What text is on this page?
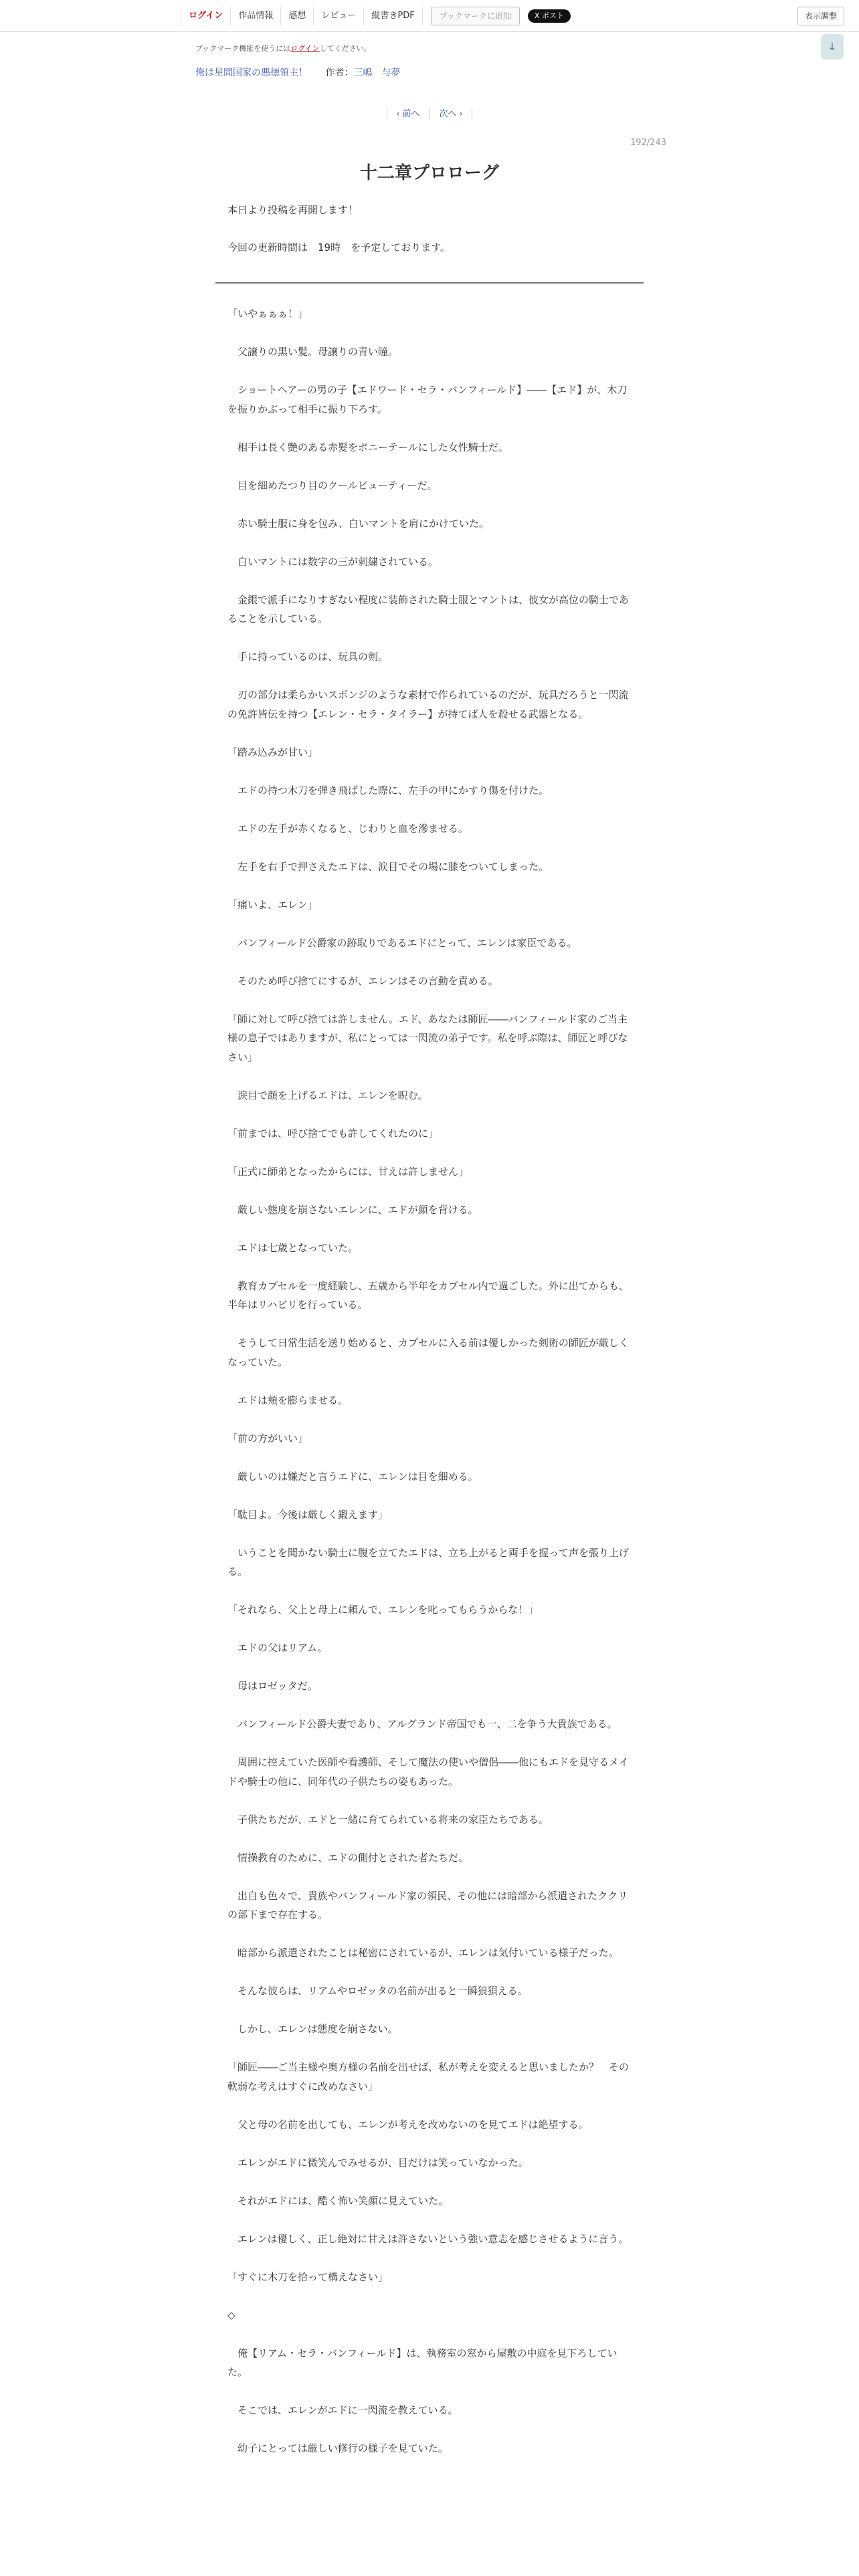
ログイン	作品情報	感想	レビュー	縦書きPDF	ブックマークに追加	X ポスト	表示調整
↓
ブックマーク機能を使うにはログインしてください。
俺は星間国家の悪徳領主！ 作者：三嶋　与夢
‹ 前へ	次へ ›
192/243
十二章プロローグ

本日より投稿を再開します！

今回の更新時間は　19時　を予定しております。

「いやぁぁぁ！」

　父譲りの黒い髪。母譲りの青い瞳。

　ショートヘアーの男の子【エドワード・セラ・バンフィールド】――【エド】が、木刀を振りかぶって相手に振り下ろす。

　相手は長く艶のある赤髪をポニーテールにした女性騎士だ。

　目を細めたつり目のクールビューティーだ。

　赤い騎士服に身を包み、白いマントを肩にかけていた。

　白いマントには数字の三が刺繍されている。

　金銀で派手になりすぎない程度に装飾された騎士服とマントは、彼女が高位の騎士であることを示している。

　手に持っているのは、玩具の剣。

　刃の部分は柔らかいスポンジのような素材で作られているのだが、玩具だろうと一閃流の免許皆伝を持つ【エレン・セラ・タイラー】が持てば人を殺せる武器となる。

「踏み込みが甘い」

　エドの持つ木刀を弾き飛ばした際に、左手の甲にかすり傷を付けた。

　エドの左手が赤くなると、じわりと血を滲ませる。

　左手を右手で押さえたエドは、涙目でその場に膝をついてしまった。

「痛いよ、エレン」

　バンフィールド公爵家の跡取りであるエドにとって、エレンは家臣である。

　そのため呼び捨てにするが、エレンはその言動を責める。

「師に対して呼び捨ては許しません。エド、あなたは師匠――バンフィールド家のご当主様の息子ではありますが、私にとっては一閃流の弟子です。私を呼ぶ際は、師匠と呼びなさい」

　涙目で顔を上げるエドは、エレンを睨む。

「前までは、呼び捨てでも許してくれたのに」

「正式に師弟となったからには、甘えは許しません」

　厳しい態度を崩さないエレンに、エドが顔を背ける。

　エドは七歳となっていた。

　教育カプセルを一度経験し、五歳から半年をカプセル内で過ごした。外に出てからも、半年はリハビリを行っている。

　そうして日常生活を送り始めると、カプセルに入る前は優しかった剣術の師匠が厳しくなっていた。

　エドは頬を膨らませる。

「前の方がいい」

　厳しいのは嫌だと言うエドに、エレンは目を細める。

「駄目よ。今後は厳しく鍛えます」

　いうことを聞かない騎士に腹を立てたエドは、立ち上がると両手を握って声を張り上げる。

「それなら、父上と母上に頼んで、エレンを叱ってもらうからな！」

　エドの父はリアム。

　母はロゼッタだ。

　バンフィールド公爵夫妻であり、アルグランド帝国でも一、二を争う大貴族である。

　周囲に控えていた医師や看護師、そして魔法の使いや僧侶――他にもエドを見守るメイドや騎士の他に、同年代の子供たちの姿もあった。

　子供たちだが、エドと一緒に育てられている将来の家臣たちである。

　情操教育のために、エドの側付とされた者たちだ。

　出自も色々で、貴族やバンフィールド家の領民、その他には暗部から派遣されたククリの部下まで存在する。

　暗部から派遣されたことは秘密にされているが、エレンは気付いている様子だった。

　そんな彼らは、リアムやロゼッタの名前が出ると一瞬狼狽える。

　しかし、エレンは態度を崩さない。

「師匠――ご当主様や奥方様の名前を出せば、私が考えを変えると思いましたか？　その軟弱な考えはすぐに改めなさい」

　父と母の名前を出しても、エレンが考えを改めないのを見てエドは絶望する。

　エレンがエドに微笑んでみせるが、目だけは笑っていなかった。

　それがエドには、酷く怖い笑顔に見えていた。

　エレンは優しく、正し絶対に甘えは許さないという強い意志を感じさせるように言う。

「すぐに木刀を拾って構えなさい」

◇

　俺【リアム・セラ・バンフィールド】は、執務室の窓から屋敷の中庭を見下ろしていた。

　そこでは、エレンがエドに一閃流を教えている。

　幼子にとっては厳しい修行の様子を見ていた。
